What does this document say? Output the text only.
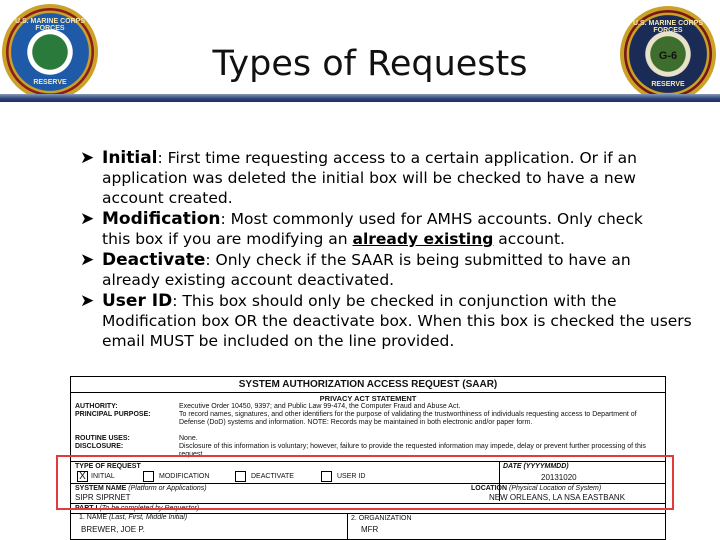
U.S. MARINE CORPS FORCES
RESERVE	Types of Requests
U.S. MARINE CORPS FORCES
G-6
RESERVE
➤ Initial: First time requesting access to a certain application. Or if an
application was deleted the initial box will be checked to have a new account created.
➤ Modification: Most commonly used for AMHS accounts. Only check
this box if you are modifying an already existing account.
➤ Deactivate: Only check if the SAAR is being submitted to have an
already existing account deactivated.
➤ User ID: This box should only be checked in conjunction with the
Modification box OR the deactivate box. When this box is checked the users email MUST be included on the line provided.
SYSTEM AUTHORIZATION ACCESS REQUEST (SAAR)
PRIVACY ACT STATEMENT
AUTHORITY:	Executive Order 10450, 9397; and Public Law 99-474, the Computer Fraud and Abuse Act.
PRINCIPAL PURPOSE:	To record names, signatures, and other identifiers for the purpose of validating the trustworthiness of individuals requesting access to Department of Defense (DoD) systems and information. NOTE: Records may be maintained in both electronic and/or paper form.
ROUTINE USES:	None.
DISCLOSURE:	Disclosure of this information is voluntary; however, failure to provide the requested information may impede, delay or prevent further processing of this request.
TYPE OF REQUEST
X INITIAL	MODIFICATION	DEACTIVATE	USER ID
DATE (YYYYMMDD)
20131020
SYSTEM NAME (Platform or Applications)
SIPR SIPRNET
LOCATION (Physical Location of System)
NEW ORLEANS, LA NSA EASTBANK
PART I (To be completed by Requestor)
1. NAME (Last, First, Middle Initial)
BREWER, JOE P.
2. ORGANIZATION
MFR
